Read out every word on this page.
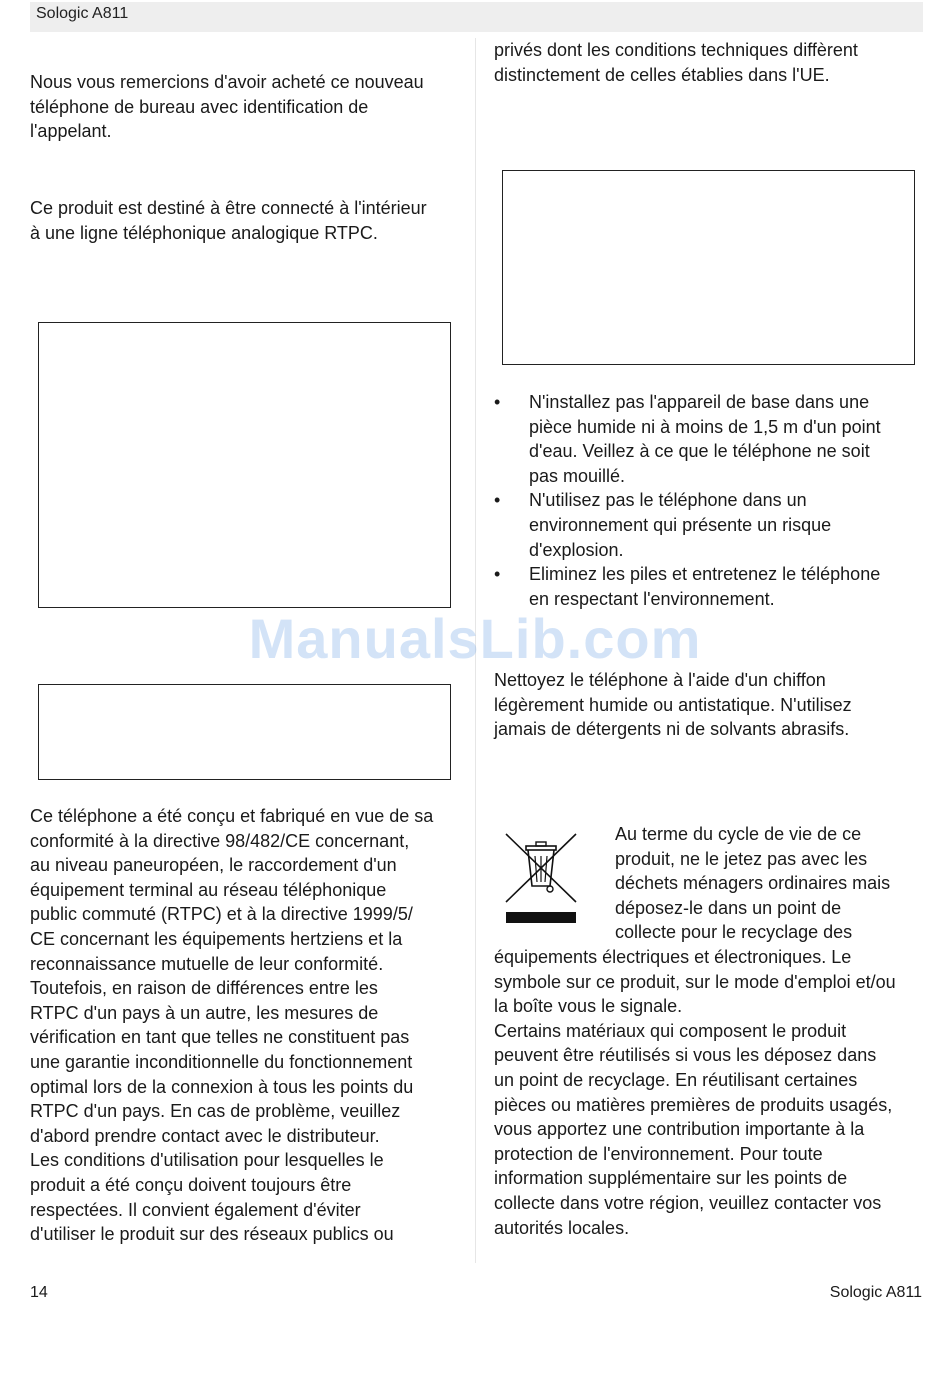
Sologic A811

Nous vous remercions d'avoir acheté ce nouveau
téléphone de bureau avec identification de
l'appelant.

Ce produit est destiné à être connecté à l'intérieur
à une ligne téléphonique analogique RTPC.

Ce téléphone a été conçu et fabriqué en vue de sa
conformité à la directive 98/482/CE concernant,
au niveau paneuropéen, le raccordement d'un
équipement terminal au réseau téléphonique
public commuté (RTPC) et à la directive 1999/5/
CE concernant les équipements hertziens et la
reconnaissance mutuelle de leur conformité.
Toutefois, en raison de différences entre les
RTPC d'un pays à un autre, les mesures de
vérification en tant que telles ne constituent pas
une garantie inconditionnelle du fonctionnement
optimal lors de la connexion à tous les points du
RTPC d'un pays. En cas de problème, veuillez
d'abord prendre contact avec le distributeur.
Les conditions d'utilisation pour lesquelles le
produit a été conçu doivent toujours être
respectées. Il convient également d'éviter
d'utiliser le produit sur des réseaux publics ou

privés dont les conditions techniques diffèrent
distinctement de celles établies dans l'UE.

• N'installez pas l'appareil de base dans une
pièce humide ni à moins de 1,5 m d'un point
d'eau. Veillez à ce que le téléphone ne soit
pas mouillé.
• N'utilisez pas le téléphone dans un
environnement qui présente un risque
d'explosion.
• Eliminez les piles et entretenez le téléphone
en respectant l'environnement.

Nettoyez le téléphone à l'aide d'un chiffon
légèrement humide ou antistatique. N'utilisez
jamais de détergents ni de solvants abrasifs.

Au terme du cycle de vie de ce
produit, ne le jetez pas avec les
déchets ménagers ordinaires mais
déposez-le dans un point de
collecte pour le recyclage des

équipements électriques et électroniques. Le
symbole sur ce produit, sur le mode d'emploi et/ou
la boîte vous le signale.
Certains matériaux qui composent le produit
peuvent être réutilisés si vous les déposez dans
un point de recyclage. En réutilisant certaines
pièces ou matières premières de produits usagés,
vous apportez une contribution importante à la
protection de l'environnement. Pour toute
information supplémentaire sur les points de
collecte dans votre région, veuillez contacter vos
autorités locales.

ManualsLib.com
14	Sologic A811
